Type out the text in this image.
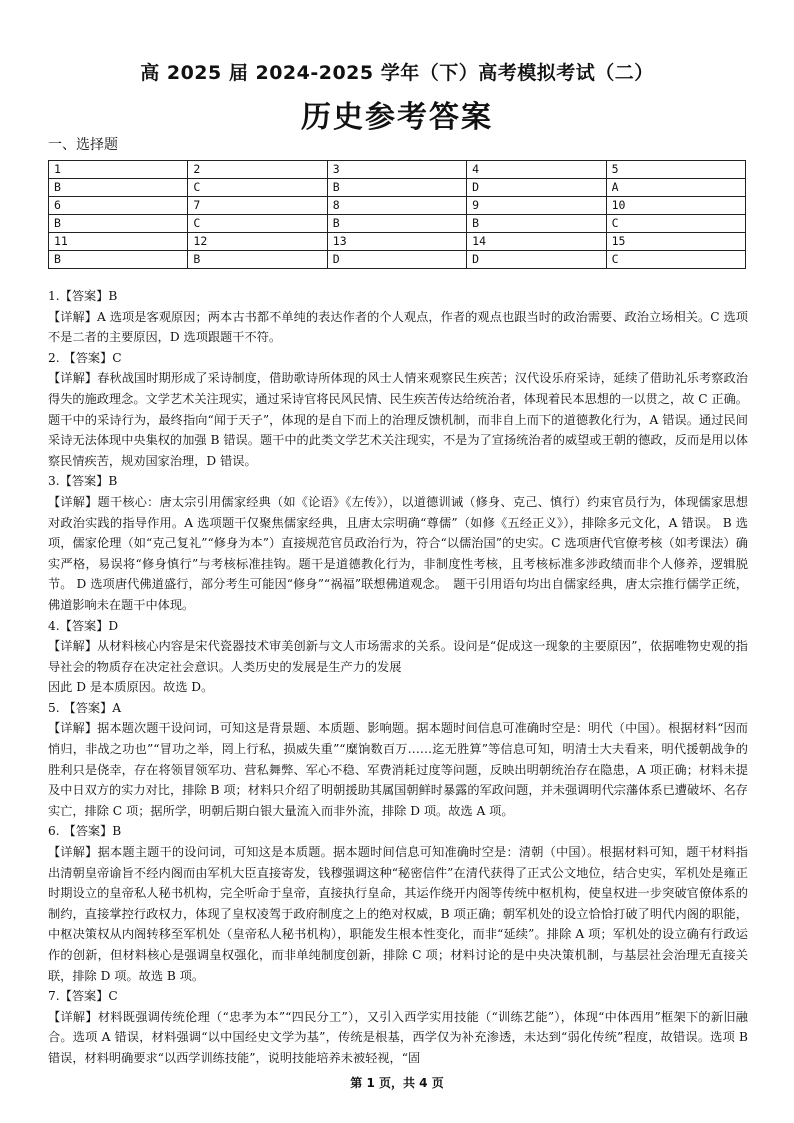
高 2025 届 2024-2025 学年（下）高考模拟考试（二）
历史参考答案
一、选择题
1	2	3	4	5
B	C	B	D	A
6	7	8	9	10
B	C	B	B	C
11	12	13	14	15
B	B	D	D	C

1.【答案】B

【详解】A 选项是客观原因；两本古书都不单纯的表达作者的个人观点，作者的观点也跟当时的政治需要、政治立场相关。C 选项不是二者的主要原因，D 选项跟题干不符。

2. 【答案】C

【详解】春秋战国时期形成了采诗制度，借助歌诗所体现的风士人情来观察民生疾苦；汉代设乐府采诗，延续了借助礼乐考察政治得失的施政理念。文学艺术关注现实，通过采诗官将民风民情、民生疾苦传达给统治者，体现着民本思想的一以贯之，故 C 正确。题干中的采诗行为，最终指向“闻于天子”，体现的是自下而上的治理反馈机制，而非自上而下的道德教化行为，A 错误。通过民间采诗无法体现中央集权的加强 B 错误。题干中的此类文学艺术关注现实，不是为了宣扬统治者的威望或王朝的德政，反而是用以体察民情疾苦，规劝国家治理，D 错误。

3.【答案】B

【详解】题干核心：唐太宗引用儒家经典（如《论语》《左传》），以道德训诫（修身、克己、慎行）约束官员行为，体现儒家思想对政治实践的指导作用。A 选项题干仅聚焦儒家经典，且唐太宗明确“尊儒”（如修《五经正义》），排除多元文化，A 错误。 B 选项，儒家伦理（如“克己复礼”“修身为本”）直接规范官员政治行为，符合“以儒治国”的史实。C 选项唐代官僚考核（如考课法）确实严格，易误将“修身慎行”与考核标准挂钩。题干是道德教化行为，非制度性考核，且考核标准多涉政绩而非个人修养，逻辑脱节。 D 选项唐代佛道盛行，部分考生可能因“修身”“祸福”联想佛道观念。　题干引用语句均出自儒家经典，唐太宗推行儒学正统，佛道影响未在题干中体现。

4.【答案】D

【详解】从材料核心内容是宋代瓷器技术审美创新与文人市场需求的关系。设问是“促成这一现象的主要原因”，依据唯物史观的指导社会的物质存在决定社会意识。人类历史的发展是生产力的发展

因此 D 是本质原因。故选 D。

5. 【答案】A

【详解】据本题次题干设问词，可知这是背景题、本质题、影响题。据本题时间信息可准确时空是：明代（中国）。根据材料“因而悄归，非战之功也”“冒功之举，罔上行私，损威失重”“糜饷数百万……迄无胜算”等信息可知，明清士大夫看来，明代援朝战争的胜利只是侥幸，存在将领冒领军功、营私舞弊、军心不稳、军费消耗过度等问题，反映出明朝统治存在隐患，A 项正确；材料未提及中日双方的实力对比，排除 B 项；材料只介绍了明朝援助其属国朝鲜时暴露的军政问题，并未强调明代宗藩体系已遭破坏、名存实亡，排除 C 项；据所学，明朝后期白银大量流入而非外流，排除 D 项。故选 A 项。

6. 【答案】B

【详解】据本题主题干的设问词，可知这是本质题。据本题时间信息可知准确时空是：清朝（中国）。根据材料可知，题干材料指出清朝皇帝谕旨不经内阁而由军机大臣直接寄发，钱穆强调这种“秘密信件”在清代获得了正式公文地位，结合史实，军机处是雍正时期设立的皇帝私人秘书机构，完全听命于皇帝，直接执行皇命，其运作绕开内阁等传统中枢机构，使皇权进一步突破官僚体系的制约，直接掌控行政权力，体现了皇权凌驾于政府制度之上的绝对权威，B 项正确；朝军机处的设立恰恰打破了明代内阁的职能，中枢决策权从内阁转移至军机处（皇帝私人秘书机构），职能发生根本性变化，而非“延续”。排除 A 项；军机处的设立确有行政运作的创新，但材料核心是强调皇权强化，而非单纯制度创新，排除 C 项；材料讨论的是中央决策机制，与基层社会治理无直接关联，排除 D 项。故选 B 项。

7.【答案】C

【详解】材料既强调传统伦理（“忠孝为本”“四民分工”），又引入西学实用技能（“训练艺能”），体现“中体西用”框架下的新旧融合。选项 A 错误，材料强调“以中国经史文学为基”，传统是根基，西学仅为补充渗透，未达到“弱化传统”程度，故错误。选项 B 错误，材料明确要求“以西学训练技能”，说明技能培养未被轻视，“固

第 1 页，共 4 页
